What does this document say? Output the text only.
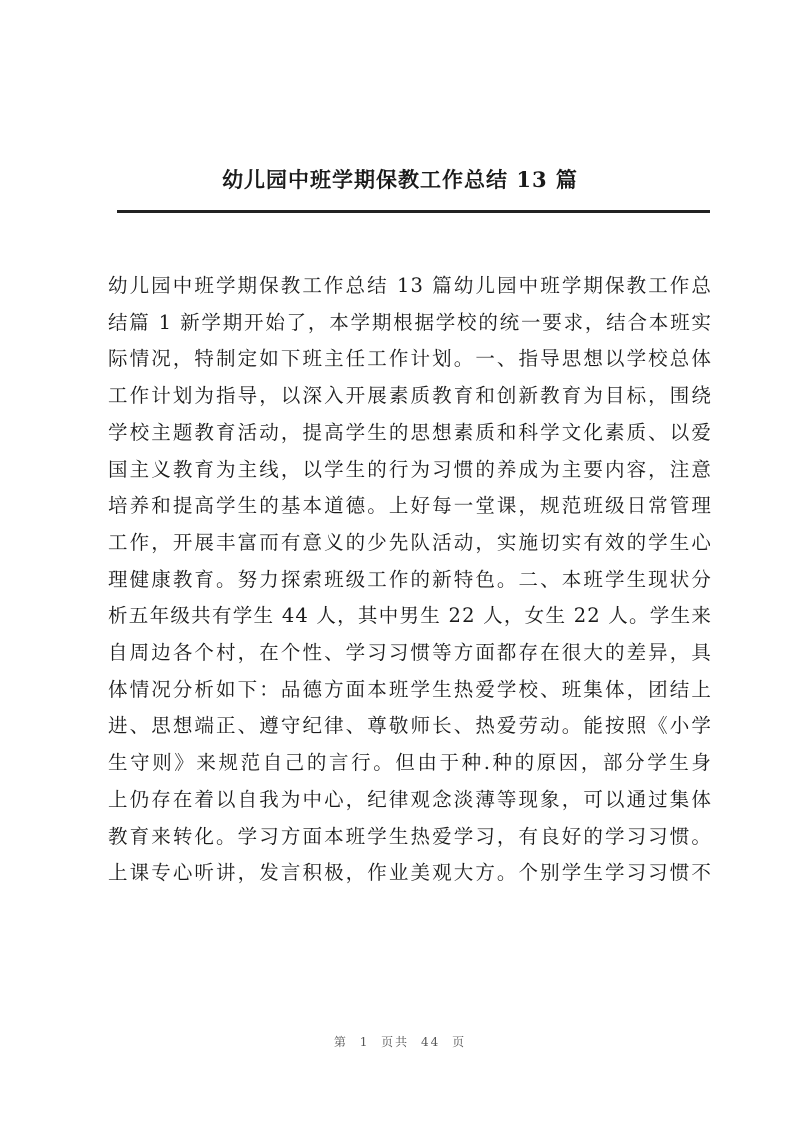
幼儿园中班学期保教工作总结 13 篇
幼儿园中班学期保教工作总结 13 篇幼儿园中班学期保教工作总
结篇 1 新学期开始了，本学期根据学校的统一要求，结合本班实
际情况，特制定如下班主任工作计划。一、指导思想以学校总体
工作计划为指导，以深入开展素质教育和创新教育为目标，围绕
学校主题教育活动，提高学生的思想素质和科学文化素质、以爱
国主义教育为主线，以学生的行为习惯的养成为主要内容，注意
培养和提高学生的基本道德。上好每一堂课，规范班级日常管理
工作，开展丰富而有意义的少先队活动，实施切实有效的学生心
理健康教育。努力探索班级工作的新特色。二、本班学生现状分
析五年级共有学生 44 人，其中男生 22 人，女生 22 人。学生来
自周边各个村，在个性、学习习惯等方面都存在很大的差异，具
体情况分析如下：品德方面本班学生热爱学校、班集体，团结上
进、思想端正、遵守纪律、尊敬师长、热爱劳动。能按照《小学
生守则》来规范自己的言行。但由于种.种的原因，部分学生身
上仍存在着以自我为中心，纪律观念淡薄等现象，可以通过集体
教育来转化。学习方面本班学生热爱学习，有良好的学习习惯。
上课专心听讲，发言积极，作业美观大方。个别学生学习习惯不
第 1 页共 44 页
